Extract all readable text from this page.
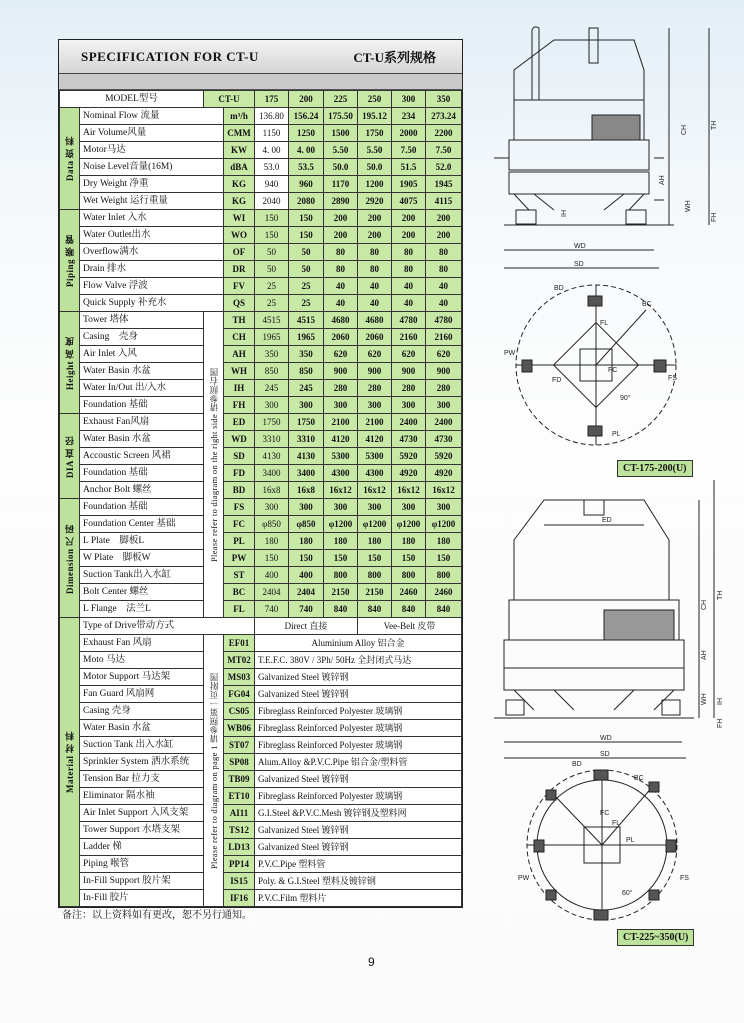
SPECIFICATION FOR CT-U	CT-U系列规格
MODEL型号		CT-U		175	200	225	250	300	350
Data 资 料	Nominal Flow 流量		m³/h	136.80	156.24	175.50	195.12	234	273.24
	Air Volume风量		CMM	1150	1250	1500	1750	2000	2200
	Motor马达		KW	4. 00	4. 00	5.50	5.50	7.50	7.50
	Noise Level音量(16M)		dBA	53.0	53.5	50.0	50.0	51.5	52.0
	Dry Weight 净重		KG	940	960	1170	1200	1905	1945
	Wet Weight 运行重量		KG	2040	2080	2890	2920	4075	4115
Piping 喉 管	Water Inlet 入水		WI	150	150	200	200	200	200
	Water Outlet出水		WO	150	150	200	200	200	200
	Overflow满水		OF	50	50	80	80	80	80
	Drain 排水		DR	50	50	80	80	80	80
	Flow Valve 浮波		FV	25	25	40	40	40	40
	Quick Supply 补充水		QS	25	25	40	40	40	40
Height 高 度	Tower 塔体	Please refer to diagram on the right side 请参照右图	TH	4515	4515	4680	4680	4780	4780
	Casing　壳身		CH	1965	1965	2060	2060	2160	2160
	Air Inlet 入风		AH	350	350	620	620	620	620
	Water Basin 水盆		WH	850	850	900	900	900	900
	Water In/Out 出/入水		IH	245	245	280	280	280	280
	Foundation 基础		FH	300	300	300	300	300	300
DIA 直 径	Exhaust Fan风扇		ED	1750	1750	2100	2100	2400	2400
	Water Basin 水盆		WD	3310	3310	4120	4120	4730	4730
	Accoustic Screen 风裙		SD	4130	4130	5300	5300	5920	5920
	Foundation 基础		FD	3400	3400	4300	4300	4920	4920
	Anchor Bolt 螺丝		BD	16x8	16x8	16x12	16x12	16x12	16x12
Dimension 尺 码	Foundation 基础		FS	300	300	300	300	300	300
	Foundation Center 基础		FC	φ850	φ850	φ1200	φ1200	φ1200	φ1200
	L Plate　脚板L		PL	180	180	180	180	180	180
	W Plate　脚板W		PW	150	150	150	150	150	150
	Suction Tank出入水缸		ST	400	400	800	800	800	800
	Bolt Center 螺丝		BC	2404	2404	2150	2150	2460	2460
	L Flange　法兰L		FL	740	740	840	840	840	840
Material 材 料	Type of Drive带动方式			Direct 直接			Vee-Belt 皮带		
	Exhaust Fan 风扇	Please refer to diagram on page 1 请参照第一页附图	EF01	Aluminium Alloy 铝合金					
	Moto 马达		MT02	T.E.F.C. 380V / 3Ph/ 50Hz 全封闭式马达					
	Motor Support 马达架		MS03	Galvanized Steel 镀锌钢					
	Fan Guard 风扇网		FG04	Galvanized Steel 镀锌钢					
	Casing 壳身		CS05	Fibreglass Reinforced Polyester 玻璃钢					
	Water Basin 水盆		WB06	Fibreglass Reinforced Polyester 玻璃钢					
	Suction Tank 出入水缸		ST07	Fibreglass Reinforced Polyester 玻璃钢					
	Sprinkler System 洒水系统		SP08	Alum.Alloy &P.V.C.Pipe 铝合金/塑料管					
	Tension Bar 拉力支		TB09	Galvanized Steel 镀锌钢					
	Eliminator 隔水袖		ET10	Fibreglass Reinforced Polyester 玻璃钢					
	Air Inlet Support 入风支架		AI11	G.I.Steel &P.V.C.Mesh 镀锌钢及塑料网					
	Tower Support 水塔支架		TS12	Galvanized Steel 镀锌钢					
	Ladder 梯		LD13	Galvanized Steel 镀锌钢					
	Piping 喉管		PP14	P.V.C.Pipe 塑料管					
	In-Fill Support 胶片架		IS15	Poly. & G.I.Steel 塑料及镀锌钢					
	In-Fill 胶片		IF16	P.V.C.Film 塑料片					
备注：以上资料如有更改，恕不另行通知。
9
CH	TH
AH
WH
IH	FH
WD
SD
BD
BC
FL
PW
FS
FC
FD
PL
90°
ED
CH
TH
AH
WH IH
FH
WD
SD
BD
BC
FC
FL
PL
PW	FS
60°
CT-175-200(U)
CT-225~350(U)
